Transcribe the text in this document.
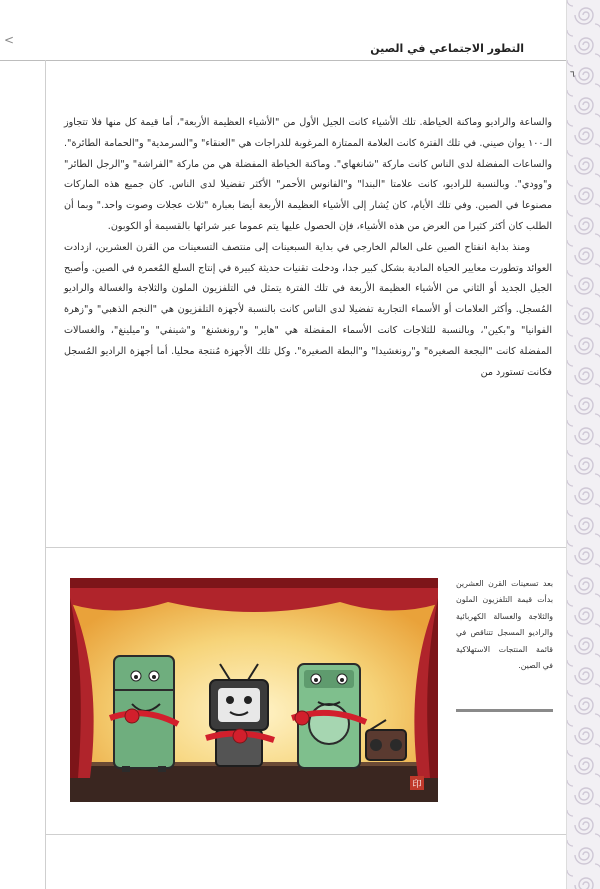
<
التطور الاجتماعي في الصين
٦

والساعة والراديو وماكنة الخياطة. تلك الأشياء كانت الجيل الأول من "الأشياء العظيمة الأربعة"، أما قيمة كل منها فلا تتجاوز الـ١٠٠ يوان صيني. في تلك الفترة كانت العلامة الممتازة المرغوبة للدراجات هي "العنقاء" و"السرمدية" و"الحمامة الطائرة". والساعات المفضلة لدى الناس كانت ماركة "شانغهاي". وماكنة الخياطة المفضلة هي من ماركة "الفراشة" و"الرجل الطائر" و"وودي". وبالنسبة للراديو، كانت علامتا "البندا" و"الفانوس الأحمر" الأكثر تفضيلا لدى الناس. كان جميع هذه الماركات مصنوعا في الصين. وفي تلك الأيام، كان يُشار إلى الأشياء العظيمة الأربعة أيضا بعبارة "ثلاث عجلات وصوت واحد." وبما أن الطلب كان أكثر كثيرا من العرض من هذه الأشياء، فإن الحصول عليها يتم عموما عبر شرائها بالقسيمة أو الكوبون.

ومنذ بداية انفتاح الصين على العالم الخارجي في بداية السبعينات إلى منتصف التسعينات من القرن العشرين، ازدادت العوائد وتطورت معايير الحياة المادية بشكل كبير جدا، ودخلت تقنيات حديثة كبيرة في إنتاج السلع المُعمرة في الصين. وأصبح الجيل الجديد أو الثاني من الأشياء العظيمة الأربعة في تلك الفترة يتمثل في التلفزيون الملون والثلاجة والغسالة والراديو المُسجل. وأكثر العلامات أو الأسماء التجارية تفضيلا لدى الناس كانت بالنسبة لأجهزة التلفزيون هي "النجم الذهبي" و"زهرة الفوانيا" و"بكين"، وبالنسبة للثلاجات كانت الأسماء المفضلة هي "هاير" و"رونغشنغ" و"شينفي" و"ميلينغ"، والغسالات المفضلة كانت "البجعة الصغيرة" و"رونغشيدا" و"البطة الصغيرة". وكل تلك الأجهزة مُنتجة محليا. أما أجهزة الراديو المُسجل فكانت تستورد من

印

بعد تسعينات القرن العشرين بدأت قيمة التلفزيون الملون والثلاجة والغسالة الكهربائية والراديو المسجل تتناقص في قائمة المنتجات الاستهلاكية في الصين.
